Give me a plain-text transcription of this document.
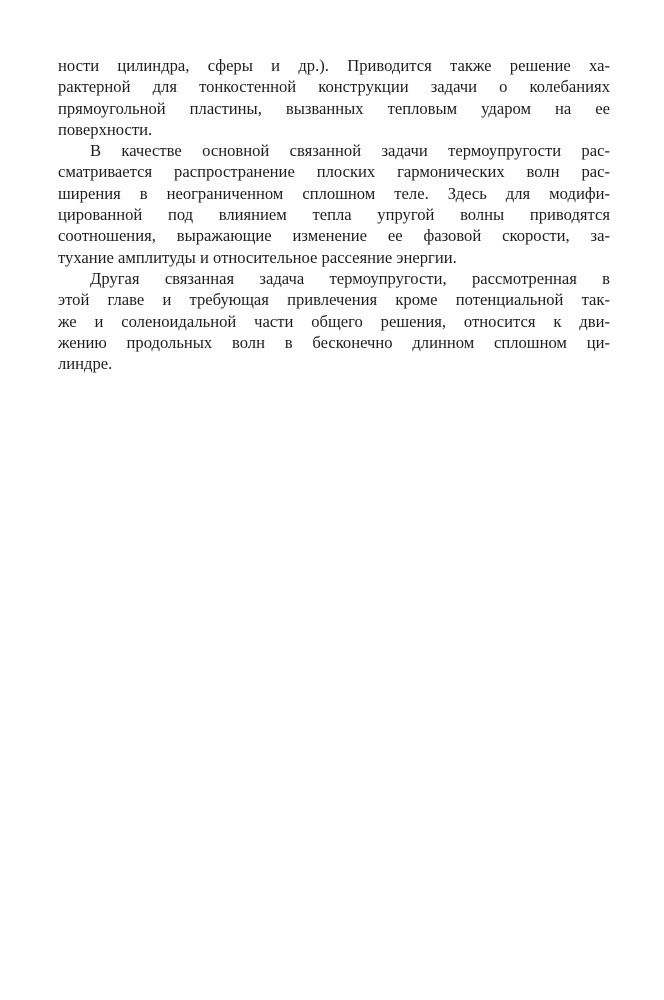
ности цилиндра, сферы и др.). Приводится также решение ха-
рактерной для тонкостенной конструкции задачи о колебаниях
прямоугольной пластины, вызванных тепловым ударом на ее
поверхности.

В качестве основной связанной задачи термоупругости рас-
сматривается распространение плоских гармонических волн рас-
ширения в неограниченном сплошном теле. Здесь для модифи-
цированной под влиянием тепла упругой волны приводятся
соотношения, выражающие изменение ее фазовой скорости, за-
тухание амплитуды и относительное рассеяние энергии.

Другая связанная задача термоупругости, рассмотренная в
этой главе и требующая привлечения кроме потенциальной так-
же и соленоидальной части общего решения, относится к дви-
жению продольных волн в бесконечно длинном сплошном ци-
линдре.
